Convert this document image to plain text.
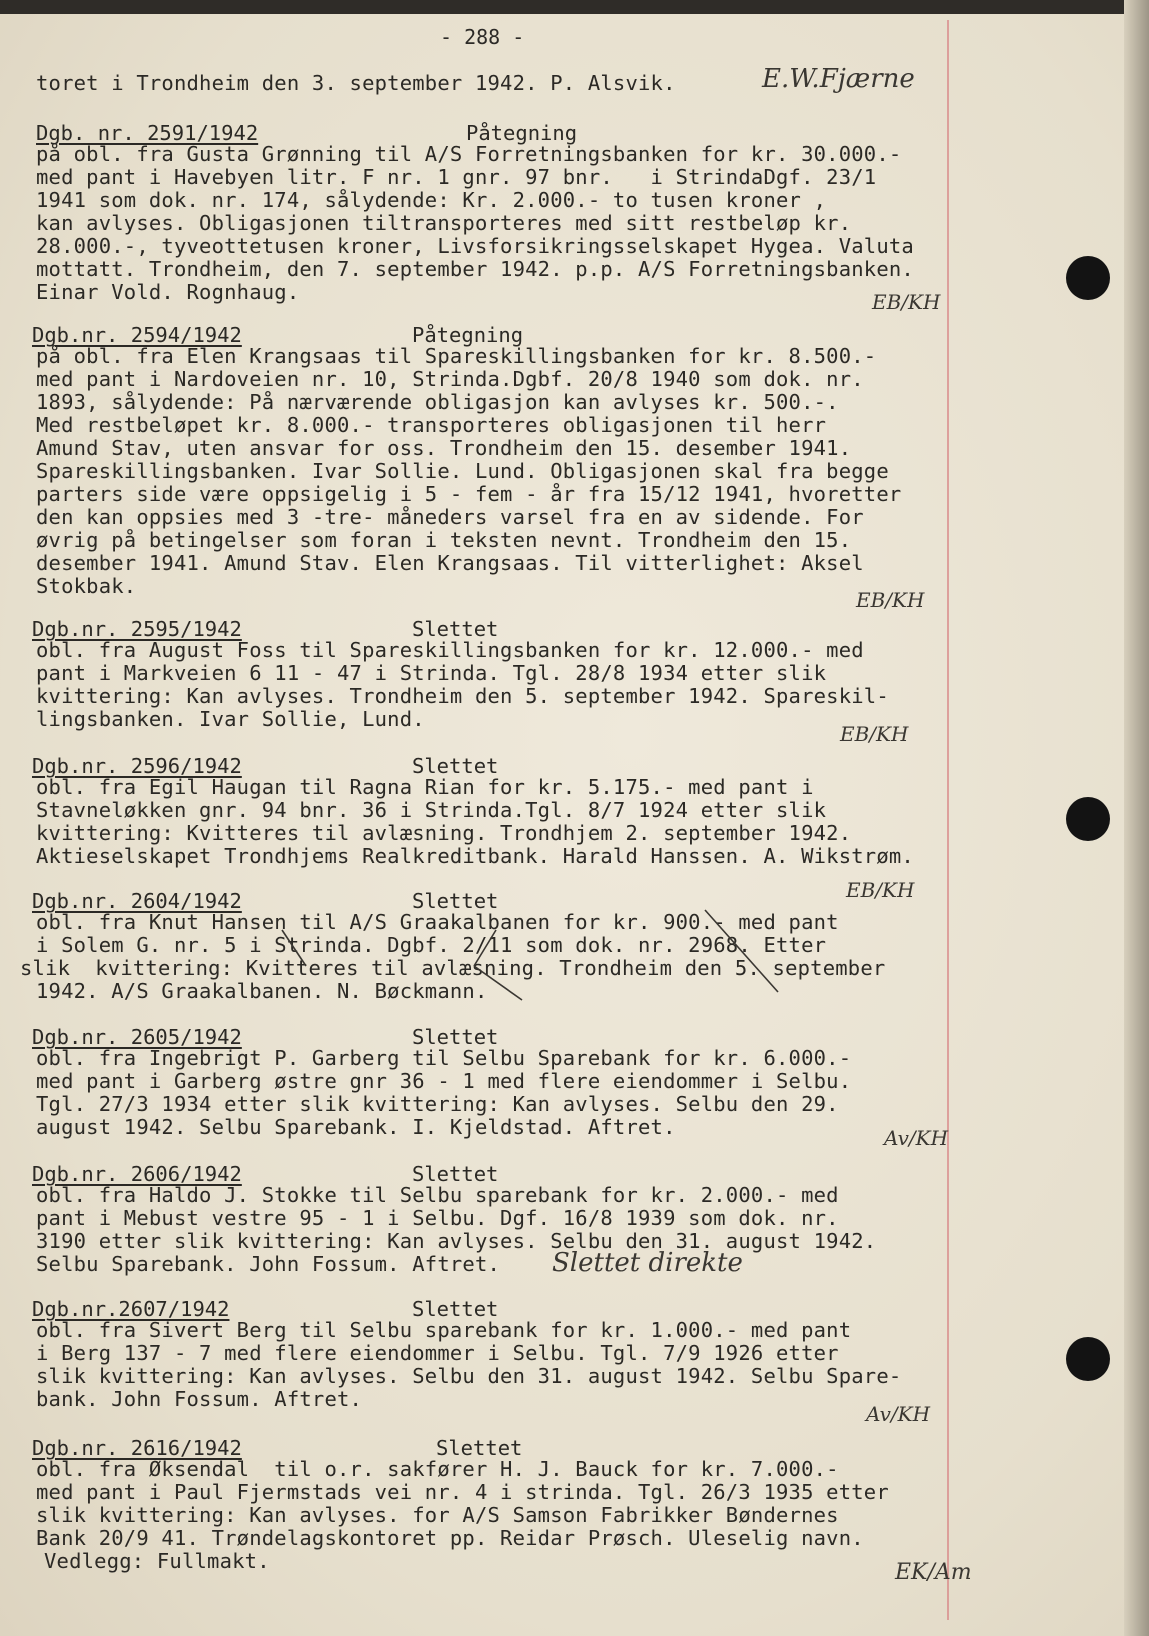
- 288 -
toret i Trondheim den 3. september 1942. P. Alsvik.	E.W.Fjærne
Dgb. nr. 2591/1942	Påtegning
på obl. fra Gusta Grønning til A/S Forretningsbanken for kr. 30.000.-
med pant i Havebyen litr. F nr. 1 gnr. 97 bnr.   i StrindaDgf. 23/1
1941 som dok. nr. 174, sålydende: Kr. 2.000.- to tusen kroner ,
kan avlyses. Obligasjonen tiltransporteres med sitt restbeløp kr.
28.000.-, tyveottetusen kroner, Livsforsikringsselskapet Hygea. Valuta
mottatt. Trondheim, den 7. september 1942. p.p. A/S Forretningsbanken.
Einar Vold. Rognhaug.	EB/KH
Dgb.nr. 2594/1942	Påtegning
på obl. fra Elen Krangsaas til Spareskillingsbanken for kr. 8.500.-
med pant i Nardoveien nr. 10, Strinda.Dgbf. 20/8 1940 som dok. nr.
1893, sålydende: På nærværende obligasjon kan avlyses kr. 500.-.
Med restbeløpet kr. 8.000.- transporteres obligasjonen til herr
Amund Stav, uten ansvar for oss. Trondheim den 15. desember 1941.
Spareskillingsbanken. Ivar Sollie. Lund. Obligasjonen skal fra begge
parters side være oppsigelig i 5 - fem - år fra 15/12 1941, hvoretter
den kan oppsies med 3 -tre- måneders varsel fra en av sidende. For
øvrig på betingelser som foran i teksten nevnt. Trondheim den 15.
desember 1941. Amund Stav. Elen Krangsaas. Til vitterlighet: Aksel
Stokbak.
EB/KH
Dgb.nr. 2595/1942	Slettet
obl. fra August Foss til Spareskillingsbanken for kr. 12.000.- med
pant i Markveien 6 11 - 47 i Strinda. Tgl. 28/8 1934 etter slik
kvittering: Kan avlyses. Trondheim den 5. september 1942. Spareskil-
lingsbanken. Ivar Sollie, Lund.
EB/KH
Dgb.nr. 2596/1942	Slettet
obl. fra Egil Haugan til Ragna Rian for kr. 5.175.- med pant i
Stavneløkken gnr. 94 bnr. 36 i Strinda.Tgl. 8/7 1924 etter slik
kvittering: Kvitteres til avlæsning. Trondhjem 2. september 1942.
Aktieselskapet Trondhjems Realkreditbank. Harald Hanssen. A. Wikstrøm.
EB/KH
Dgb.nr. 2604/1942	Slettet
obl. fra Knut Hansen til A/S Graakalbanen for kr. 900.- med pant
i Solem G. nr. 5 i Strinda. Dgbf. 2/11 som dok. nr. 2968. Etter
slik  kvittering: Kvitteres til avlæsning. Trondheim den 5. september
1942. A/S Graakalbanen. N. Bøckmann.
Dgb.nr. 2605/1942	Slettet
obl. fra Ingebrigt P. Garberg til Selbu Sparebank for kr. 6.000.-
med pant i Garberg østre gnr 36 - 1 med flere eiendommer i Selbu.
Tgl. 27/3 1934 etter slik kvittering: Kan avlyses. Selbu den 29.
august 1942. Selbu Sparebank. I. Kjeldstad. Aftret.	Av/KH
Dgb.nr. 2606/1942	Slettet
obl. fra Haldo J. Stokke til Selbu sparebank for kr. 2.000.- med
pant i Mebust vestre 95 - 1 i Selbu. Dgf. 16/8 1939 som dok. nr.
3190 etter slik kvittering: Kan avlyses. Selbu den 31. august 1942.
Selbu Sparebank. John Fossum. Aftret. Slettet direkte
Dgb.nr.2607/1942	Slettet
obl. fra Sivert Berg til Selbu sparebank for kr. 1.000.- med pant
i Berg 137 - 7 med flere eiendommer i Selbu. Tgl. 7/9 1926 etter
slik kvittering: Kan avlyses. Selbu den 31. august 1942. Selbu Spare-
bank. John Fossum. Aftret.
Av/KH
Dgb.nr. 2616/1942	Slettet
obl. fra Øksendal  til o.r. sakfører H. J. Bauck for kr. 7.000.-
med pant i Paul Fjermstads vei nr. 4 i strinda. Tgl. 26/3 1935 etter
slik kvittering: Kan avlyses. for A/S Samson Fabrikker Bøndernes
Bank 20/9 41. Trøndelagskontoret pp. Reidar Prøsch. Uleselig navn.
Vedlegg: Fullmakt.	EK/Am
